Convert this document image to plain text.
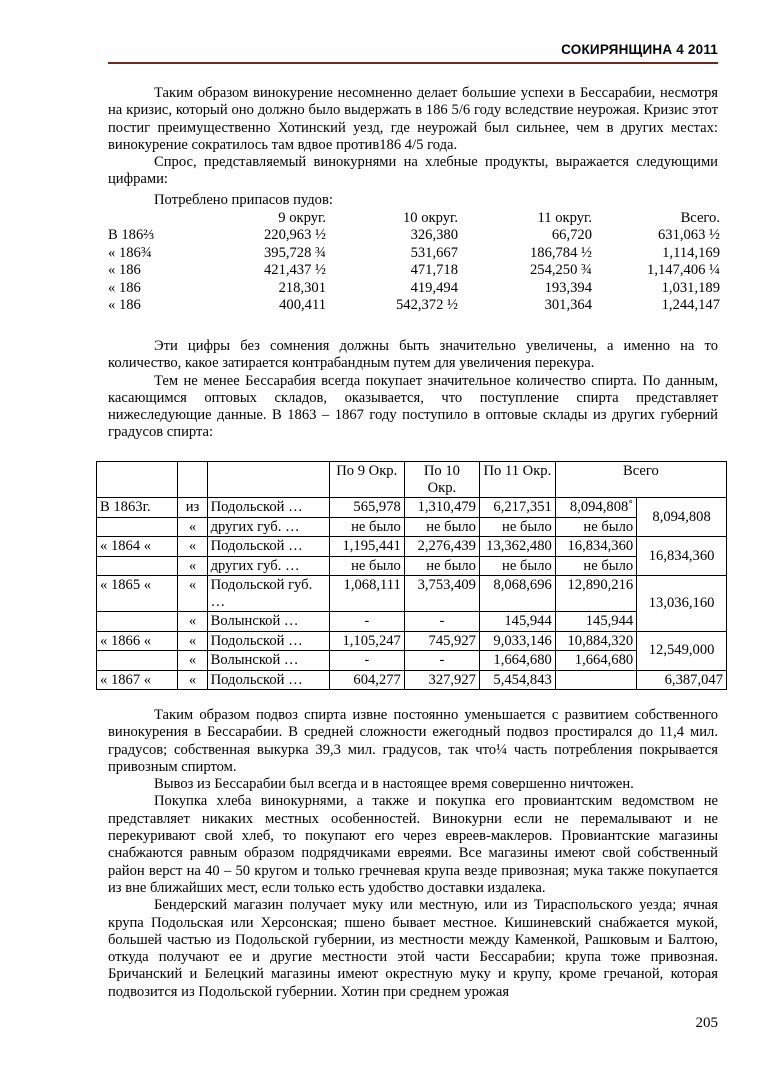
СОКИРЯНЩИНА 4 2011

Таким образом винокурение несомненно делает большие успехи в Бессарабии, несмотря на кризис, который оно должно было выдержать в 186 5/6 году вследствие неурожая. Кризис этот постиг преимущественно Хотинский уезд, где неурожай был сильнее, чем в других местах: винокурение сократилось там вдвое против186 4/5 года.

Спрос, представляемый винокурнями на хлебные продукты, выражается следующими цифрами:

Потреблено припасов пудов:
	9 округ.	10 округ.	11 округ.	Всего.
В 186⅔	220,963 ½	326,380	66,720	631,063 ½
« 186¾	395,728 ¾	531,667	186,784 ½	1,114,169
« 186	421,437 ½	471,718	254,250 ¾	1,147,406 ¼
« 186	218,301	419,494	193,394	1,031,189
« 186	400,411	542,372 ½	301,364	1,244,147

Эти цифры без сомнения должны быть значительно увеличены, а именно на то количество, какое затирается контрабандным путем для увеличения перекура.

Тем не менее Бессарабия всегда покупает значительное количество спирта. По данным, касающимся оптовых складов, оказывается, что поступление спирта представляет нижеследующие данные. В 1863 – 1867 году поступило в оптовые склады из других губерний градусов спирта:

			По 9 Окр.	По 10 Окр.	По 11 Окр.	Всего	
В 1863г.	из	Подольской …	565,978	1,310,479	6,217,351	8,094,808˚	8,094,808
	«	других губ. …	не было	не было	не было	не было	
« 1864 «	«	Подольской …	1,195,441	2,276,439	13,362,480	16,834,360	16,834,360
	«	других губ. …	не было	не было	не было	не было	
« 1865 «	«	Подольской губ. …	1,068,111	3,753,409	8,068,696	12,890,216	13,036,160
	«	Волынской …	-	-	145,944	145,944	
« 1866 «	«	Подольской …	1,105,247	745,927	9,033,146	10,884,320	12,549,000
	«	Волынской …	-	-	1,664,680	1,664,680	
« 1867 «	«	Подольской …	604,277	327,927	5,454,843		6,387,047

Таким образом подвоз спирта извне постоянно уменьшается с развитием собственного винокурения в Бессарабии. В средней сложности ежегодный подвоз простирался до 11,4 мил. градусов; собственная выкурка 39,3 мил. градусов, так что¼ часть потребления покрывается привозным спиртом.

Вывоз из Бессарабии был всегда и в настоящее время совершенно ничтожен.

Покупка хлеба винокурнями, а также и покупка его провиантским ведомством не представляет никаких местных особенностей. Винокурни если не перемалывают и не перекуривают свой хлеб, то покупают его через евреев-маклеров. Провиантские магазины снабжаются равным образом подрядчиками евреями. Все магазины имеют свой собственный район верст на 40 – 50 кругом и только гречневая крупа везде привозная; мука также покупается из вне ближайших мест, если только есть удобство доставки издалека.

Бендерский магазин получает муку или местную, или из Тираспольского уезда; ячная крупа Подольская или Херсонская; пшено бывает местное. Кишиневский снабжается мукой, большей частью из Подольской губернии, из местности между Каменкой, Рашковым и Балтою, откуда получают ее и другие местности этой части Бессарабии; крупа тоже привозная. Бричанский и Белецкий магазины имеют окрестную муку и крупу, кроме гречаной, которая подвозится из Подольской губернии. Хотин при среднем урожая

205
